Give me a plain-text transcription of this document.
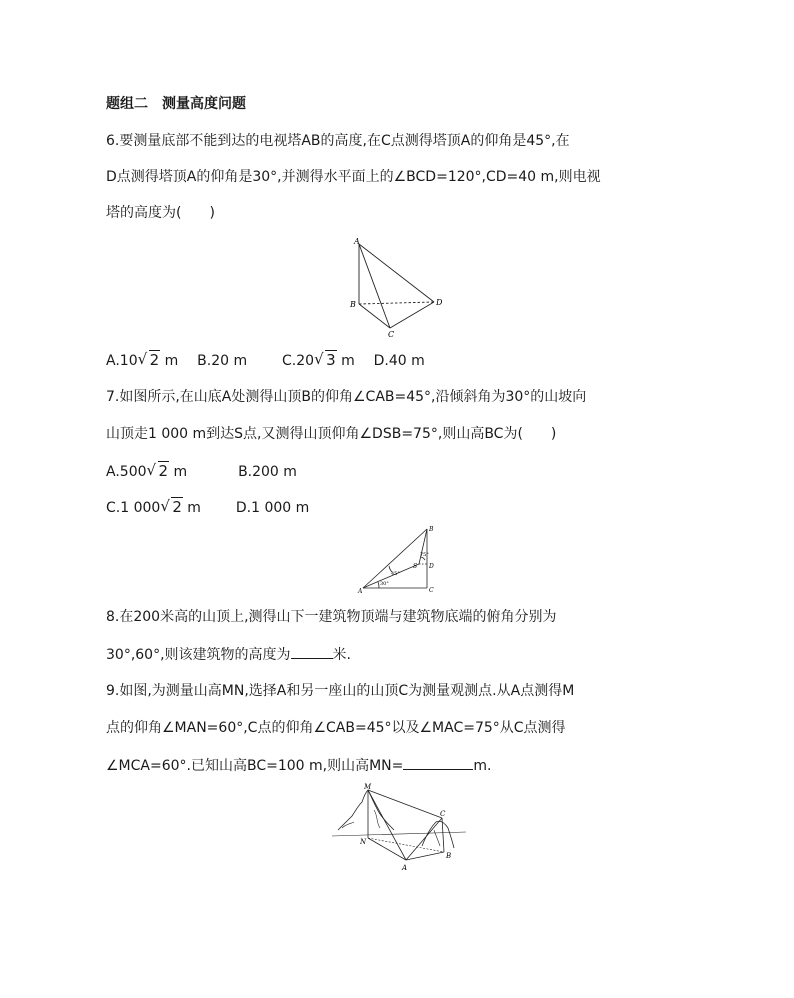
题组二　测量高度问题
6.要测量底部不能到达的电视塔AB的高度,在C点测得塔顶A的仰角是45°,在
D点测得塔顶A的仰角是30°,并测得水平面上的∠BCD=120°,CD=40 m,则电视
塔的高度为(　　)
A
B
C
D
A.10 √ 2 m B.20 m C.20 √ 3 m D.40 m
7.如图所示,在山底A处测得山顶B的仰角∠CAB=45°,沿倾斜角为30°的山坡向
山顶走1 000 m到达S点,又测得山顶仰角∠DSB=75°,则山高BC为(　　)
A.500 √ 2 m	B.200 m
C.1 000 √ 2 m D.1 000 m
B
D
C
A
S
30°
45°
75°
8.在200米高的山顶上,测得山下一建筑物顶端与建筑物底端的俯角分别为
30°,60°,则该建筑物的高度为	米.
9.如图,为测量山高MN,选择A和另一座山的山顶C为测量观测点.从A点测得M
点的仰角∠MAN=60°,C点的仰角∠CAB=45°以及∠MAC=75°从C点测得
∠MCA=60°.已知山高BC=100 m,则山高MN=	m.
M
N
A
B
C
